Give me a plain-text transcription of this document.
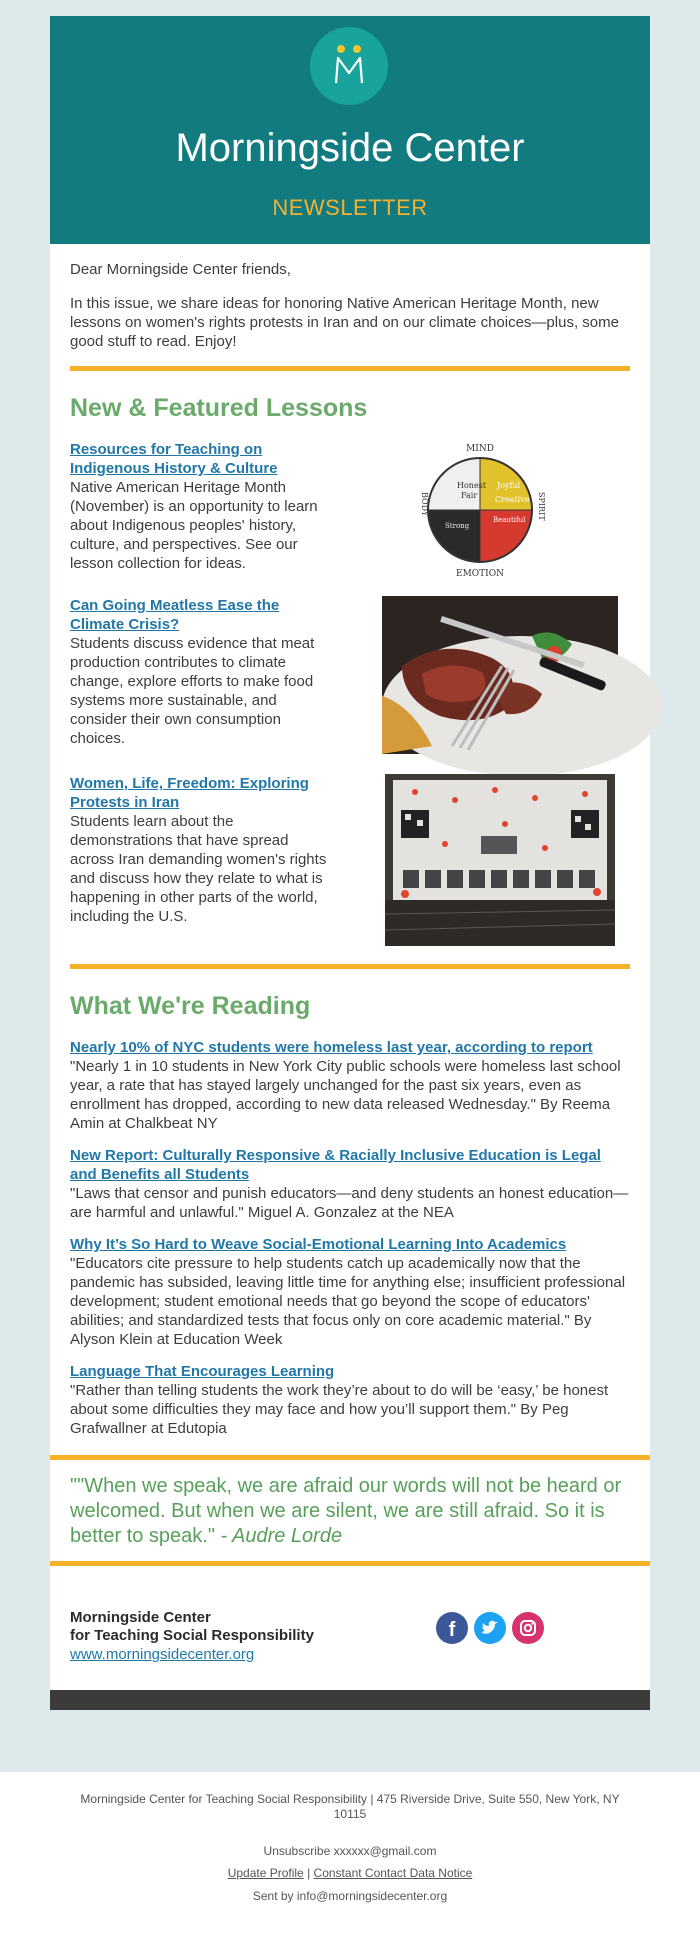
Morningside Center
NEWSLETTER

Dear Morningside Center friends,

In this issue, we share ideas for honoring Native American Heritage Month, new lessons on women's rights protests in Iran and on our climate choices—plus, some good stuff to read. Enjoy!

New & Featured Lessons
Resources for Teaching on Indigenous History & Culture
Native American Heritage Month (November) is an opportunity to learn about Indigenous peoples' history, culture, and perspectives. See our lesson collection for ideas.
MIND
EMOTION
BODY	SPIRIT
Honest
Fair
Joyful
Creative
Beautiful
Strong
Can Going Meatless Ease the Climate Crisis?
Students discuss evidence that meat production contributes to climate change, explore efforts to make food systems more sustainable, and consider their own consumption choices.
Women, Life, Freedom: Exploring Protests in Iran
Students learn about the demonstrations that have spread across Iran demanding women's rights and discuss how they relate to what is happening in other parts of the world, including the U.S.
What We're Reading
Nearly 10% of NYC students were homeless last year, according to report
"Nearly 1 in 10 students in New York City public schools were homeless last school year, a rate that has stayed largely unchanged for the past six years, even as enrollment has dropped, according to new data released Wednesday." By Reema Amin at Chalkbeat NY
New Report: Culturally Responsive & Racially Inclusive Education is Legal and Benefits all Students
"Laws that censor and punish educators—and deny students an honest education—are harmful and unlawful." Miguel A. Gonzalez at the NEA
Why It’s So Hard to Weave Social-Emotional Learning Into Academics
"Educators cite pressure to help students catch up academically now that the pandemic has subsided, leaving little time for anything else; insufficient professional development; student emotional needs that go beyond the scope of educators' abilities; and standardized tests that focus only on core academic material." By Alyson Klein at Education Week
Language That Encourages Learning
"Rather than telling students the work they’re about to do will be ‘easy,’ be honest about some difficulties they may face and how you’ll support them." By Peg Grafwallner at Edutopia
""When we speak, we are afraid our words will not be heard or welcomed. But when we are silent, we are still afraid. So it is better to speak." - Audre Lorde
Morningside Center
for Teaching Social Responsibility
www.morningsidecenter.org
f
Morningside Center for Teaching Social Responsibility | 475 Riverside Drive, Suite 550, New York, NY 10115
Unsubscribe xxxxxx@gmail.com
Update Profile | Constant Contact Data Notice
Sent by info@morningsidecenter.org
